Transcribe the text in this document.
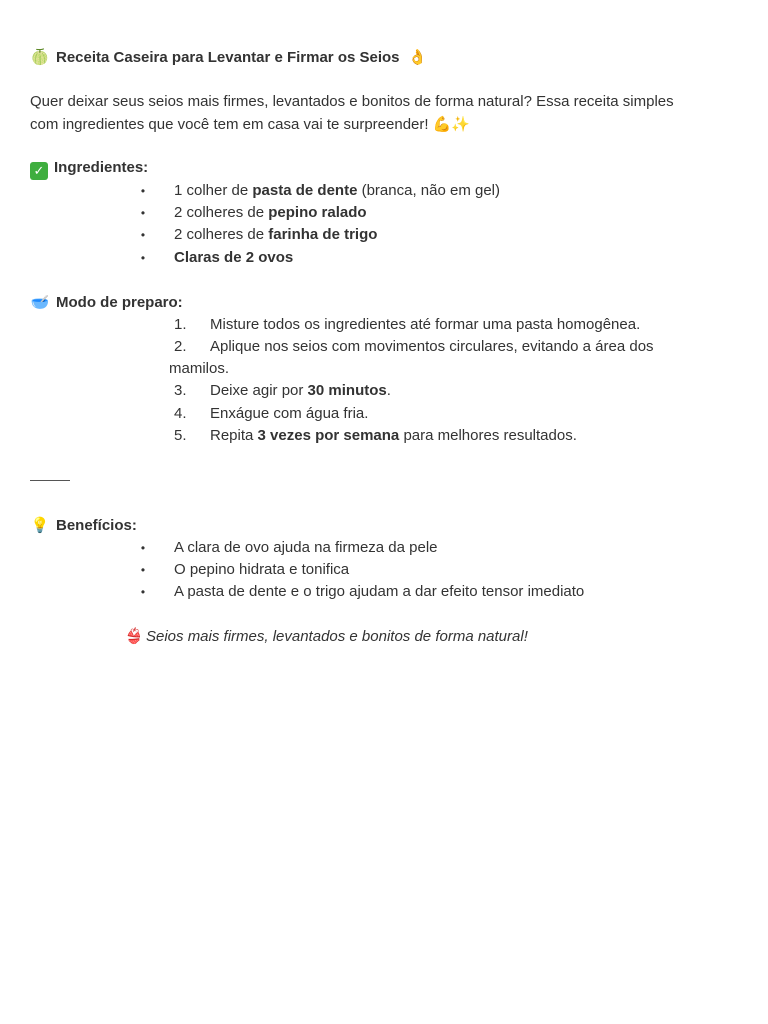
🍈 Receita Caseira para Levantar e Firmar os Seios 👌
Quer deixar seus seios mais firmes, levantados e bonitos de forma natural? Essa receita simples
com ingredientes que você tem em casa vai te surpreender! 💪✨
✓ Ingredientes:
• 1 colher de pasta de dente (branca, não em gel)
• 2 colheres de pepino ralado
• 2 colheres de farinha de trigo
• Claras de 2 ovos
🥣 Modo de preparo:
1. Misture todos os ingredientes até formar uma pasta homogênea.
2. Aplique nos seios com movimentos circulares, evitando a área dos
mamilos.
3. Deixe agir por 30 minutos.
4. Enxágue com água fria.
5. Repita 3 vezes por semana para melhores resultados.
💡 Benefícios:
• A clara de ovo ajuda na firmeza da pele
• O pepino hidrata e tonifica
• A pasta de dente e o trigo ajudam a dar efeito tensor imediato
👙 Seios mais firmes, levantados e bonitos de forma natural!
